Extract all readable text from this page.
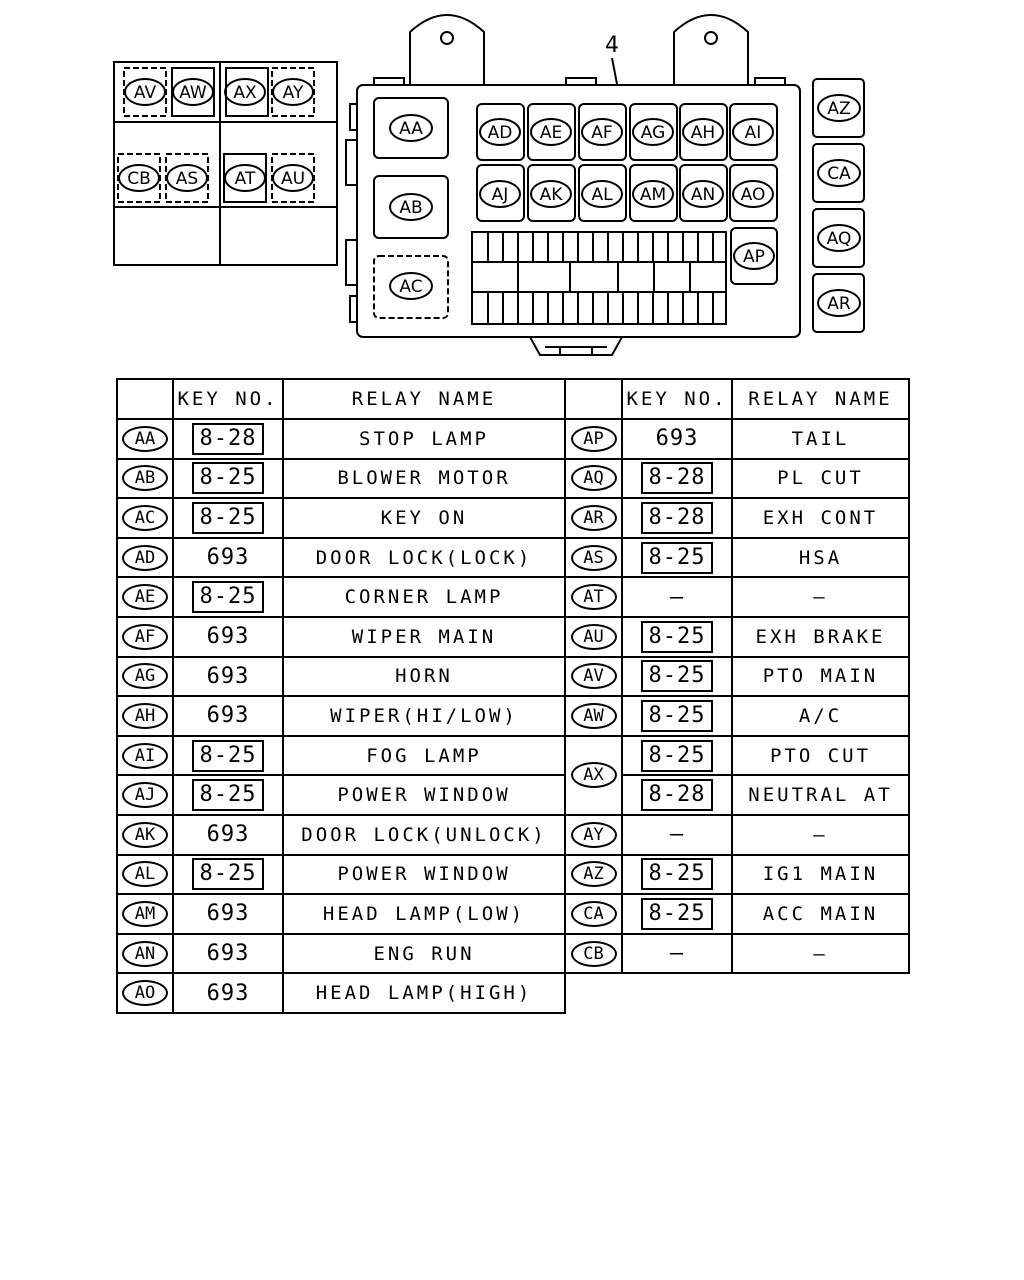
AV AW AX AY
CB AS AT AU
4
AD AE AF AG AH AI
AJ AK AL AM AN AO
AA
AB
AC
AP
AZ
CA
AQ
AR
	KEY NO.	RELAY NAME		KEY NO.	RELAY NAME
AA	8-28	STOP LAMP	AP	693	TAIL
AB	8-25	BLOWER MOTOR	AQ	8-28	PL CUT
AC	8-25	KEY ON	AR	8-28	EXH CONT
AD	693	DOOR LOCK(LOCK)	AS	8-25	HSA
AE	8-25	CORNER LAMP	AT	—	—
AF	693	WIPER MAIN	AU	8-25	EXH BRAKE
AG	693	HORN	AV	8-25	PTO MAIN
AH	693	WIPER(HI/LOW)	AW	8-25	A/C
AI	8-25	FOG LAMP	AX	8-25	PTO CUT
AJ	8-25	POWER WINDOW		8-28	NEUTRAL AT
AK	693	DOOR LOCK(UNLOCK)	AY	—	—
AL	8-25	POWER WINDOW	AZ	8-25	IG1 MAIN
AM	693	HEAD LAMP(LOW)	CA	8-25	ACC MAIN
AN	693	ENG RUN	CB	—	—
AO	693	HEAD LAMP(HIGH)			
